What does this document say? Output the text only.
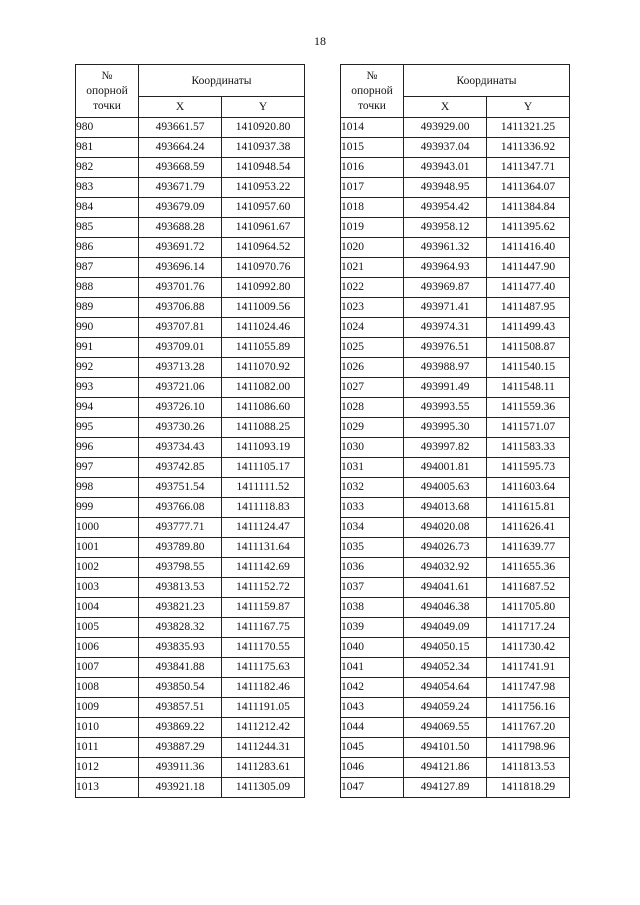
18
№
опорной
точки	Координаты	
	X	Y
980	493661.57	1410920.80
981	493664.24	1410937.38
982	493668.59	1410948.54
983	493671.79	1410953.22
984	493679.09	1410957.60
985	493688.28	1410961.67
986	493691.72	1410964.52
987	493696.14	1410970.76
988	493701.76	1410992.80
989	493706.88	1411009.56
990	493707.81	1411024.46
991	493709.01	1411055.89
992	493713.28	1411070.92
993	493721.06	1411082.00
994	493726.10	1411086.60
995	493730.26	1411088.25
996	493734.43	1411093.19
997	493742.85	1411105.17
998	493751.54	1411111.52
999	493766.08	1411118.83
1000	493777.71	1411124.47
1001	493789.80	1411131.64
1002	493798.55	1411142.69
1003	493813.53	1411152.72
1004	493821.23	1411159.87
1005	493828.32	1411167.75
1006	493835.93	1411170.55
1007	493841.88	1411175.63
1008	493850.54	1411182.46
1009	493857.51	1411191.05
1010	493869.22	1411212.42
1011	493887.29	1411244.31
1012	493911.36	1411283.61
1013	493921.18	1411305.09
№
опорной
точки	Координаты	
	X	Y
1014	493929.00	1411321.25
1015	493937.04	1411336.92
1016	493943.01	1411347.71
1017	493948.95	1411364.07
1018	493954.42	1411384.84
1019	493958.12	1411395.62
1020	493961.32	1411416.40
1021	493964.93	1411447.90
1022	493969.87	1411477.40
1023	493971.41	1411487.95
1024	493974.31	1411499.43
1025	493976.51	1411508.87
1026	493988.97	1411540.15
1027	493991.49	1411548.11
1028	493993.55	1411559.36
1029	493995.30	1411571.07
1030	493997.82	1411583.33
1031	494001.81	1411595.73
1032	494005.63	1411603.64
1033	494013.68	1411615.81
1034	494020.08	1411626.41
1035	494026.73	1411639.77
1036	494032.92	1411655.36
1037	494041.61	1411687.52
1038	494046.38	1411705.80
1039	494049.09	1411717.24
1040	494050.15	1411730.42
1041	494052.34	1411741.91
1042	494054.64	1411747.98
1043	494059.24	1411756.16
1044	494069.55	1411767.20
1045	494101.50	1411798.96
1046	494121.86	1411813.53
1047	494127.89	1411818.29
